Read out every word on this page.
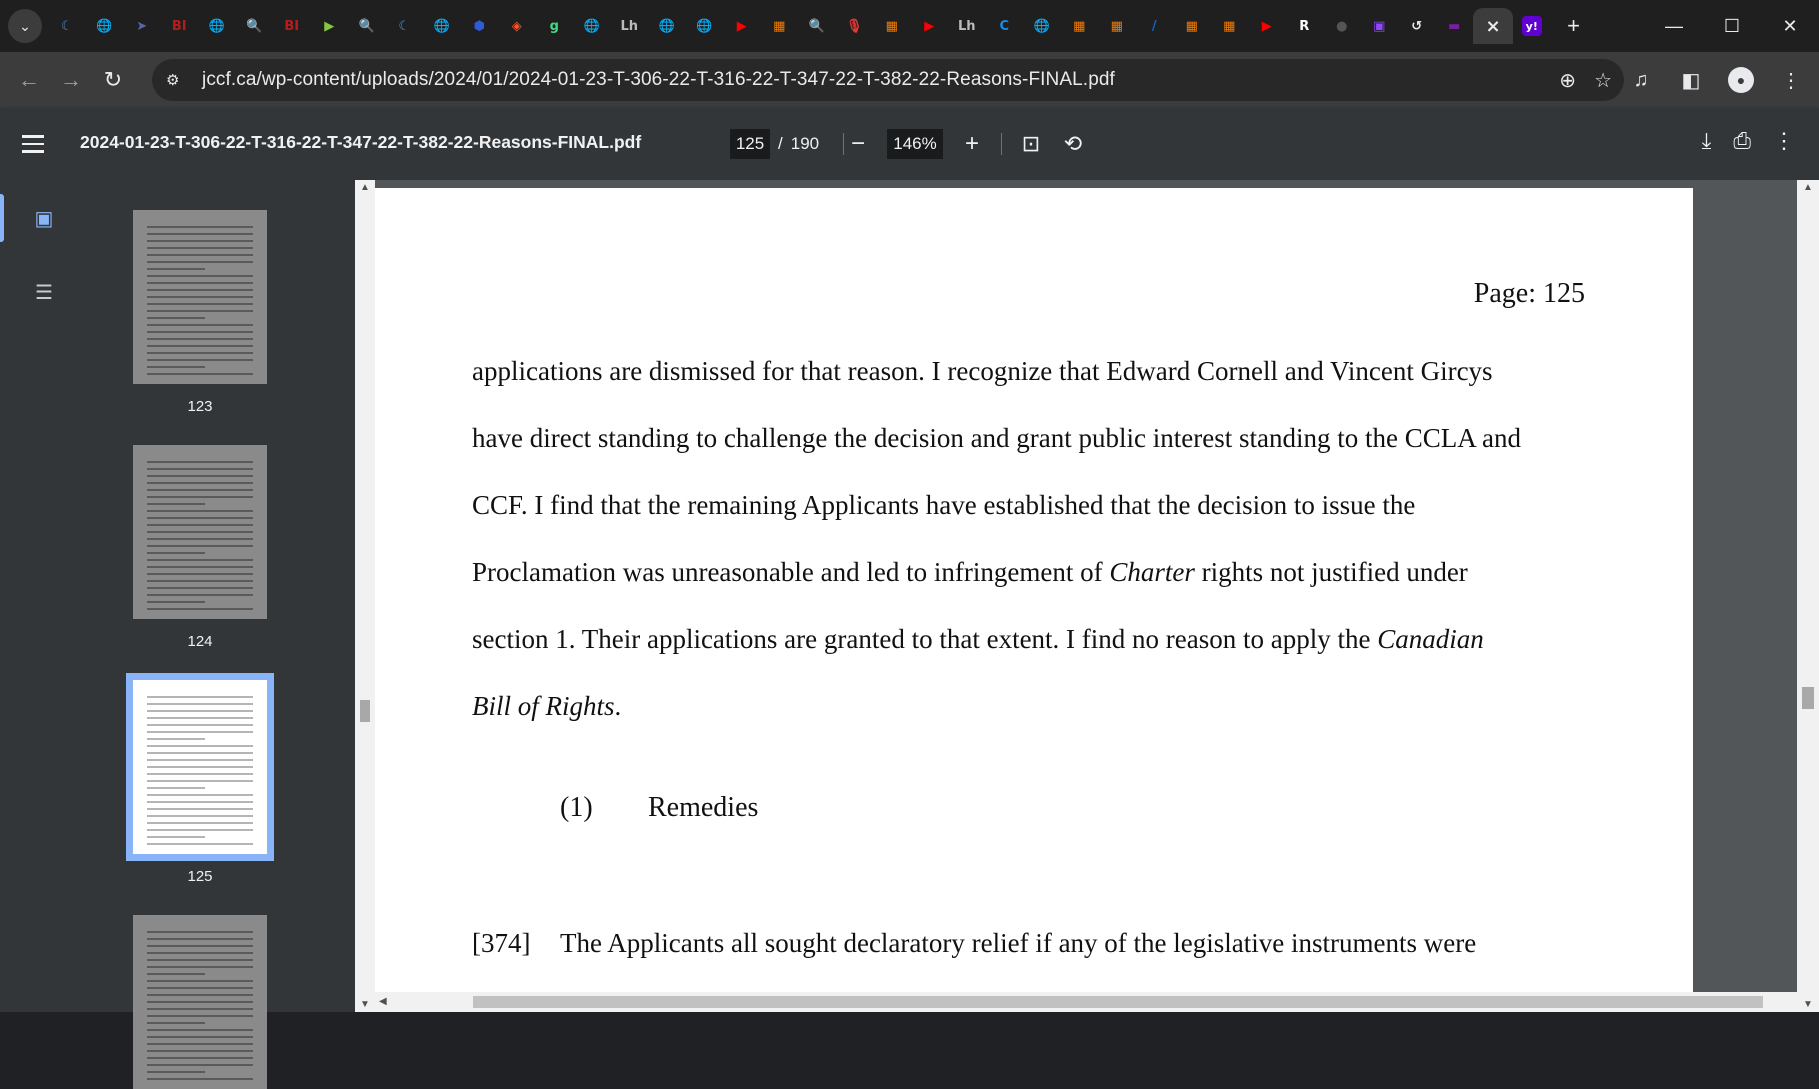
⌄	☾	🌐	➤	BI 🌐 🔍 BI	▶	🔍	☾	🌐	⬢	◈	g	🌐 Lh 🌐 🌐	▶	▦ 🔍 🎙 ▦	▶	Lh	C	🌐 ▦ ▦	/	▦ ▦	▶	R	●	▣	↺	▬ ×	y!	+	—	☐	✕
← → ↻	⚙	jccf.ca/wp-content/uploads/2024/01/2024-01-23-T-306-22-T-316-22-T-347-22-T-382-22-Reasons-FINAL.pdf	⊕ ☆	♫	◧	●	⋮
2024-01-23-T-306-22-T-316-22-T-347-22-T-382-22-Reasons-FINAL.pdf	125 / 190 −	146% + ⊡ ⟲	⤓ ⎙ ⋮
▣
☰
123
124
125
Page: 125
applications are dismissed for that reason. I recognize that Edward Cornell and Vincent Gircys
have direct standing to challenge the decision and grant public interest standing to the CCLA and
CCF. I find that the remaining Applicants have established that the decision to issue the
Proclamation was unreasonable and led to infringement of Charter rights not justified under
section 1. Their applications are granted to that extent. I find no reason to apply the Canadian
Bill of Rights.
(1) Remedies
[374] The Applicants all sought declaratory relief if any of the legislative instruments were
▲
▼
◀
▲
▼
